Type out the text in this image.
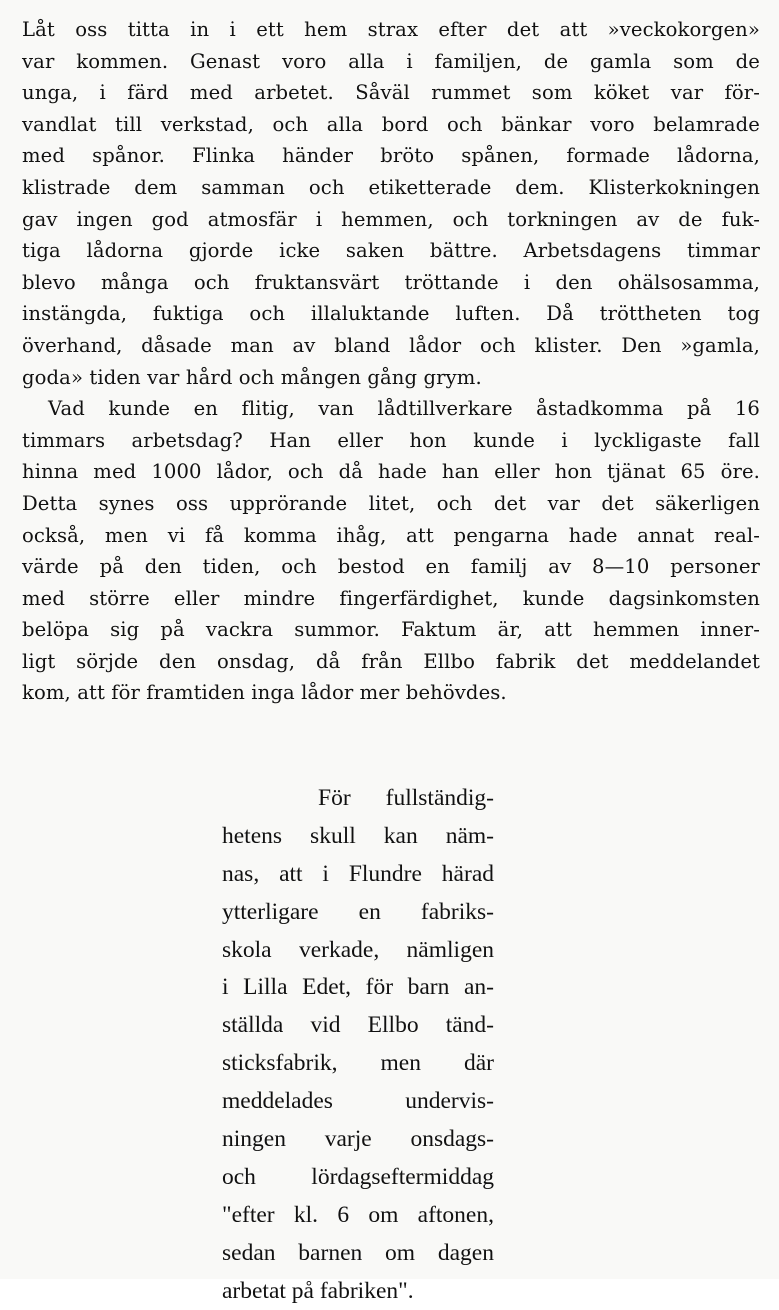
Låt oss titta in i ett hem strax efter det att »veckokorgen»
var kommen. Genast voro alla i familjen, de gamla som de
unga, i färd med arbetet. Såväl rummet som köket var för-
vandlat till verkstad, och alla bord och bänkar voro belamrade
med spånor. Flinka händer bröto spånen, formade lådorna,
klistrade dem samman och etiketterade dem. Klisterkokningen
gav ingen god atmosfär i hemmen, och torkningen av de fuk-
tiga lådorna gjorde icke saken bättre. Arbetsdagens timmar
blevo många och fruktansvärt tröttande i den ohälsosamma,
instängda, fuktiga och illaluktande luften. Då tröttheten tog
överhand, dåsade man av bland lådor och klister. Den »gamla,
goda» tiden var hård och mången gång grym.
Vad kunde en flitig, van lådtillverkare åstadkomma på 16
timmars arbetsdag? Han eller hon kunde i lyckligaste fall
hinna med 1000 lådor, och då hade han eller hon tjänat 65 öre.
Detta synes oss upprörande litet, och det var det säkerligen
också, men vi få komma ihåg, att pengarna hade annat real-
värde på den tiden, och bestod en familj av 8—10 personer
med större eller mindre fingerfärdighet, kunde dagsinkomsten
belöpa sig på vackra summor. Faktum är, att hemmen inner-
ligt sörjde den onsdag, då från Ellbo fabrik det meddelandet
kom, att för framtiden inga lådor mer behövdes.
För fullständig-
hetens skull kan näm-
nas, att i Flundre härad
ytterligare en fabriks-
skola verkade, nämligen
i Lilla Edet, för barn an-
ställda vid Ellbo tänd-
sticksfabrik, men där
meddelades undervis-
ningen varje onsdags-
och lördagseftermiddag
"efter kl. 6 om aftonen,
sedan barnen om dagen
arbetat på fabriken".
